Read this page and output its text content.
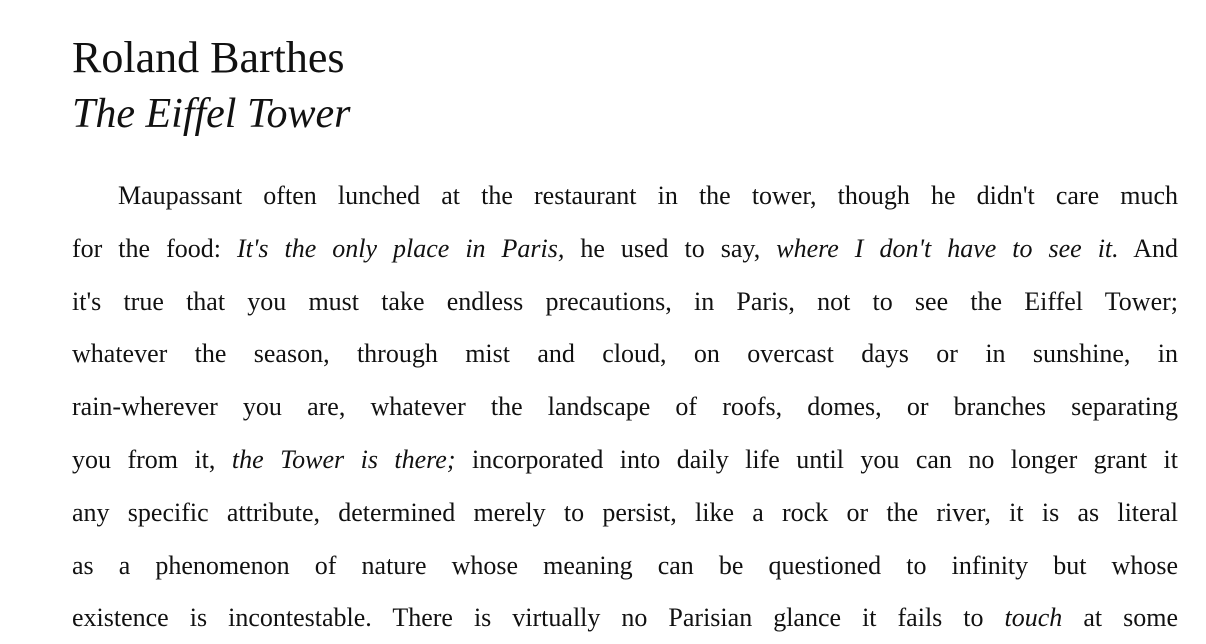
Roland Barthes
The Eiffel Tower
Maupassant often lunched at the restaurant in the tower, though he didn't care much
for the food: It's the only place in Paris, he used to say, where I don't have to see it. And
it's true that you must take endless precautions, in Paris, not to see the Eiffel Tower;
whatever the season, through mist and cloud, on overcast days or in sunshine, in
rain-wherever you are, whatever the landscape of roofs, domes, or branches separating
you from it, the Tower is there; incorporated into daily life until you can no longer grant it
any specific attribute, determined merely to persist, like a rock or the river, it is as literal
as a phenomenon of nature whose meaning can be questioned to infinity but whose
existence is incontestable. There is virtually no Parisian glance it fails to touch at some
